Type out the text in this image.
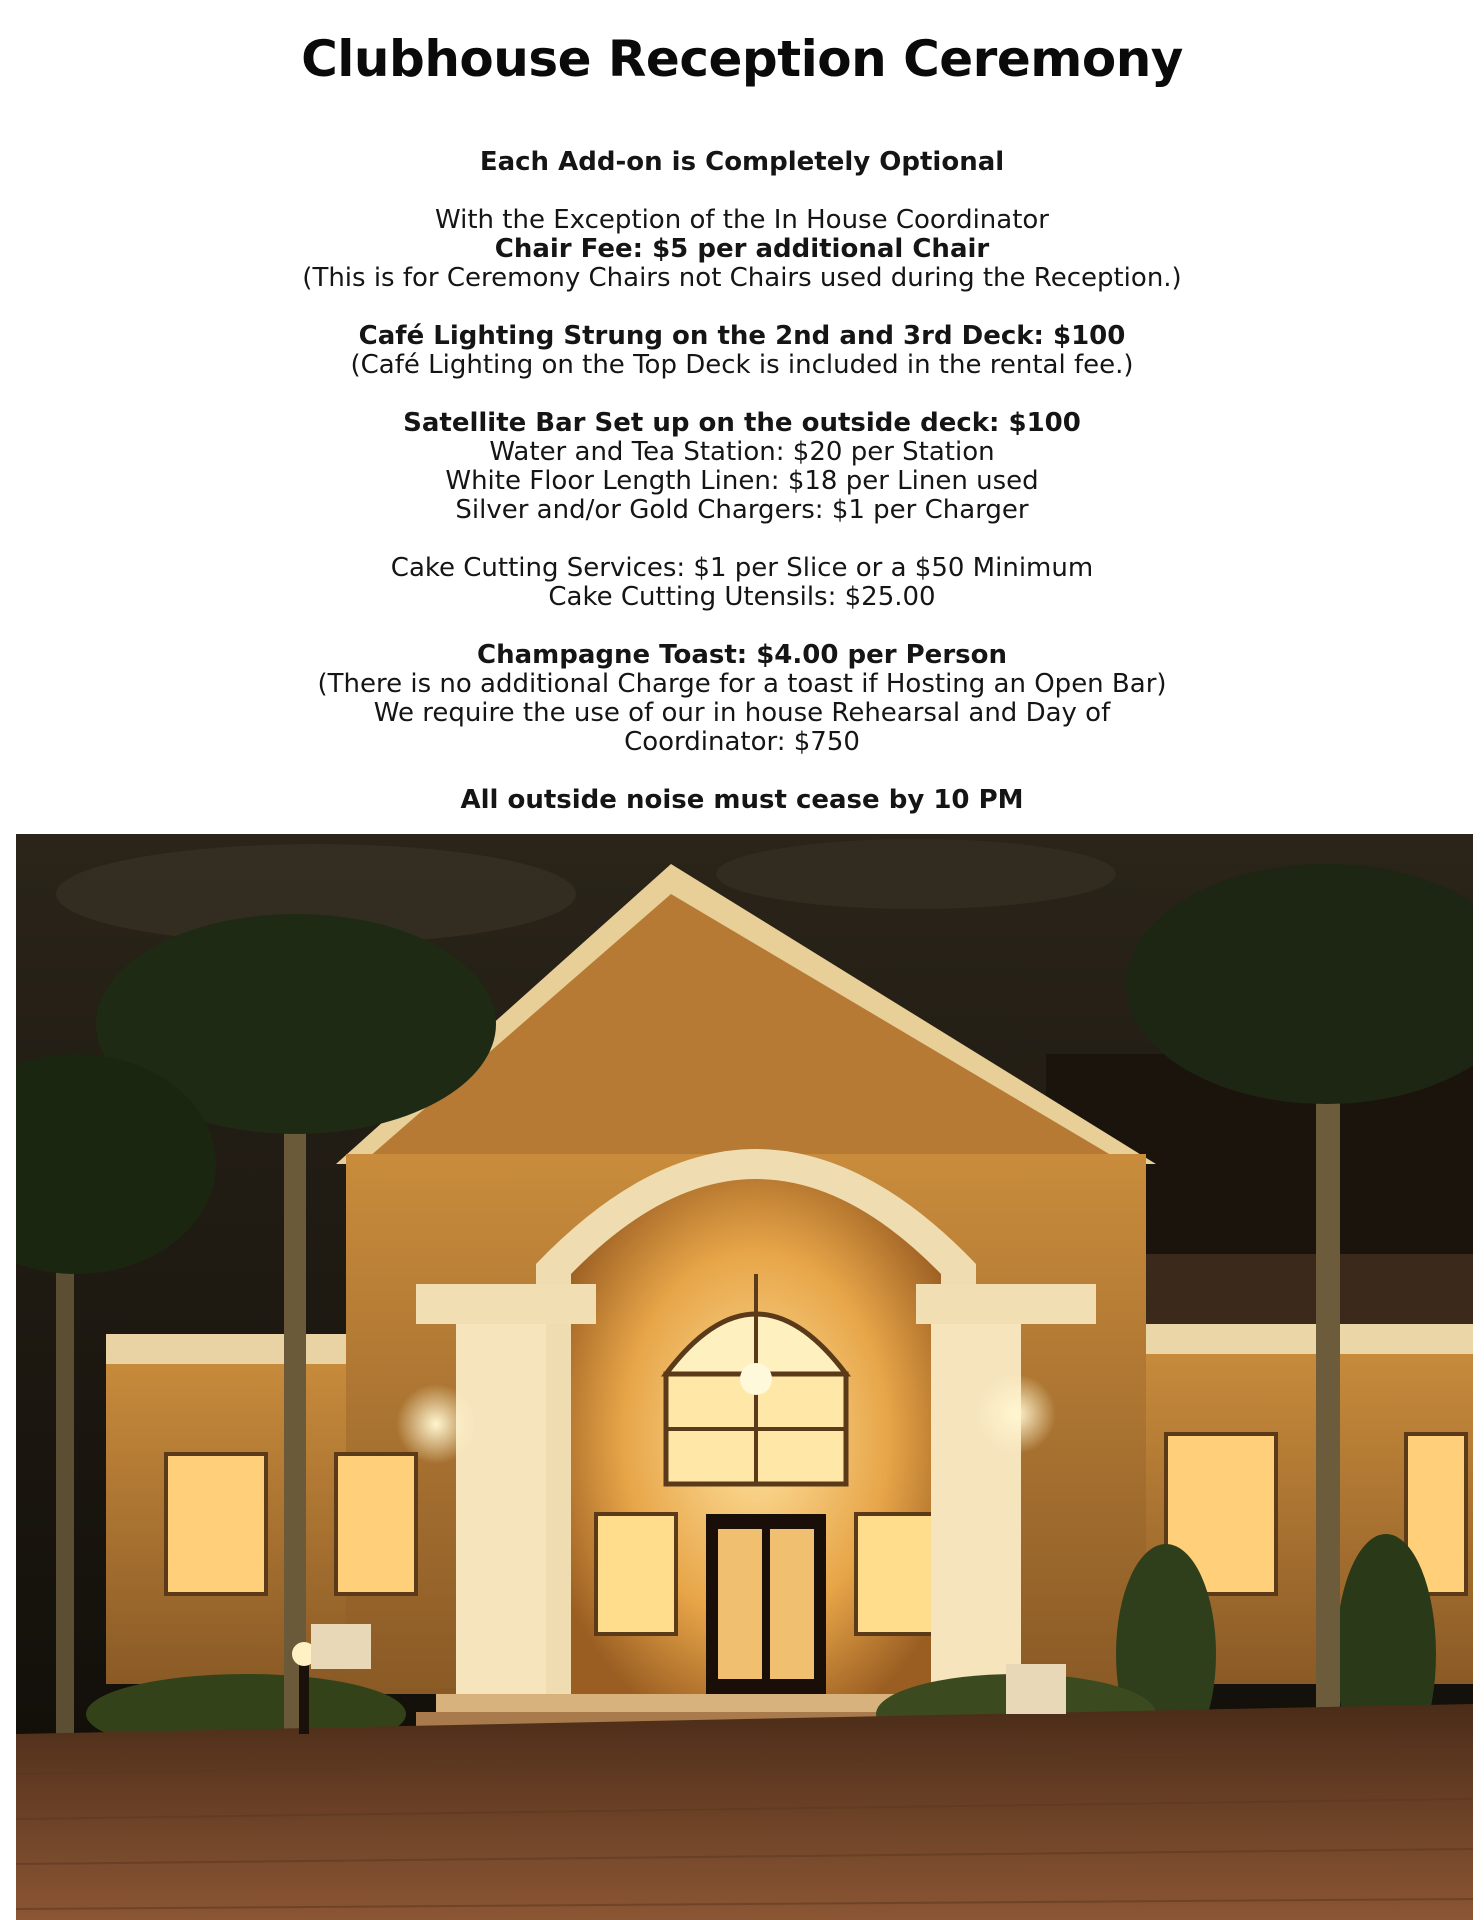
Clubhouse Reception Ceremony
Each Add-on is Completely Optional
With the Exception of the In House Coordinator
Chair Fee: $5 per additional Chair
(This is for Ceremony Chairs not Chairs used during the Reception.)
Café Lighting Strung on the 2nd and 3rd Deck: $100
(Café Lighting on the Top Deck is included in the rental fee.)
Satellite Bar Set up on the outside deck: $100
Water and Tea Station: $20 per Station
White Floor Length Linen: $18 per Linen used
Silver and/or Gold Chargers: $1 per Charger
Cake Cutting Services: $1 per Slice or a $50 Minimum
Cake Cutting Utensils: $25.00
Champagne Toast: $4.00 per Person
(There is no additional Charge for a toast if Hosting an Open Bar)
We require the use of our in house Rehearsal and Day of
Coordinator: $750
All outside noise must cease by 10 PM
